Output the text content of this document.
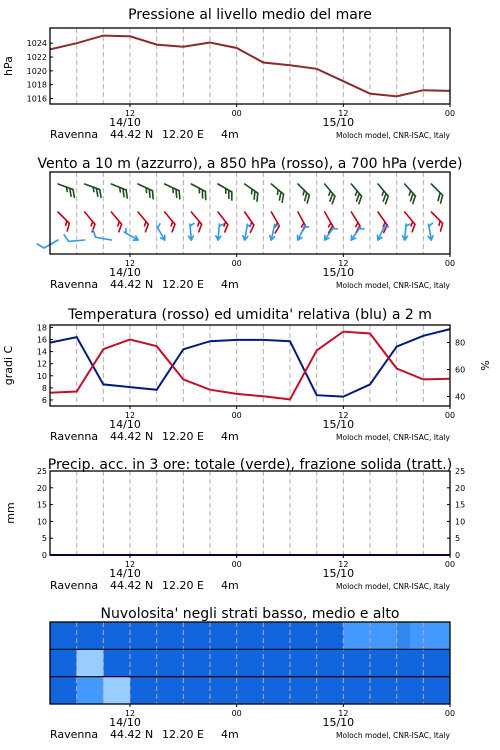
Pressione al livello medio del mare
1016
1018
1020
1022
1024
hPa
12	00	12	00
14/10	15/10
Ravenna 44.42 N 12.20 E 4m	Moloch model, CNR-ISAC, Italy
Vento a 10 m (azzurro), a 850 hPa (rosso), a 700 hPa (verde)
12	00	12	00
14/10	15/10
Ravenna 44.42 N 12.20 E 4m	Moloch model, CNR-ISAC, Italy
Temperatura (rosso) ed umidita' relativa (blu) a 2 m
6
8
10
12
14
16
18
40
60
80
gradi C	%
12	00	12	00
14/10	15/10
Ravenna 44.42 N 12.20 E 4m	Moloch model, CNR-ISAC, Italy
Precip. acc. in 3 ore: totale (verde), frazione solida (tratt.)
0
5
10
15
20
25
0
5
10
15
20
25
mm
12	00	12	00
14/10	15/10
Ravenna 44.42 N 12.20 E 4m	Moloch model, CNR-ISAC, Italy
Nuvolosita' negli strati basso, medio e alto
12	00	12	00
14/10	15/10
Ravenna 44.42 N 12.20 E 4m	Moloch model, CNR-ISAC, Italy
